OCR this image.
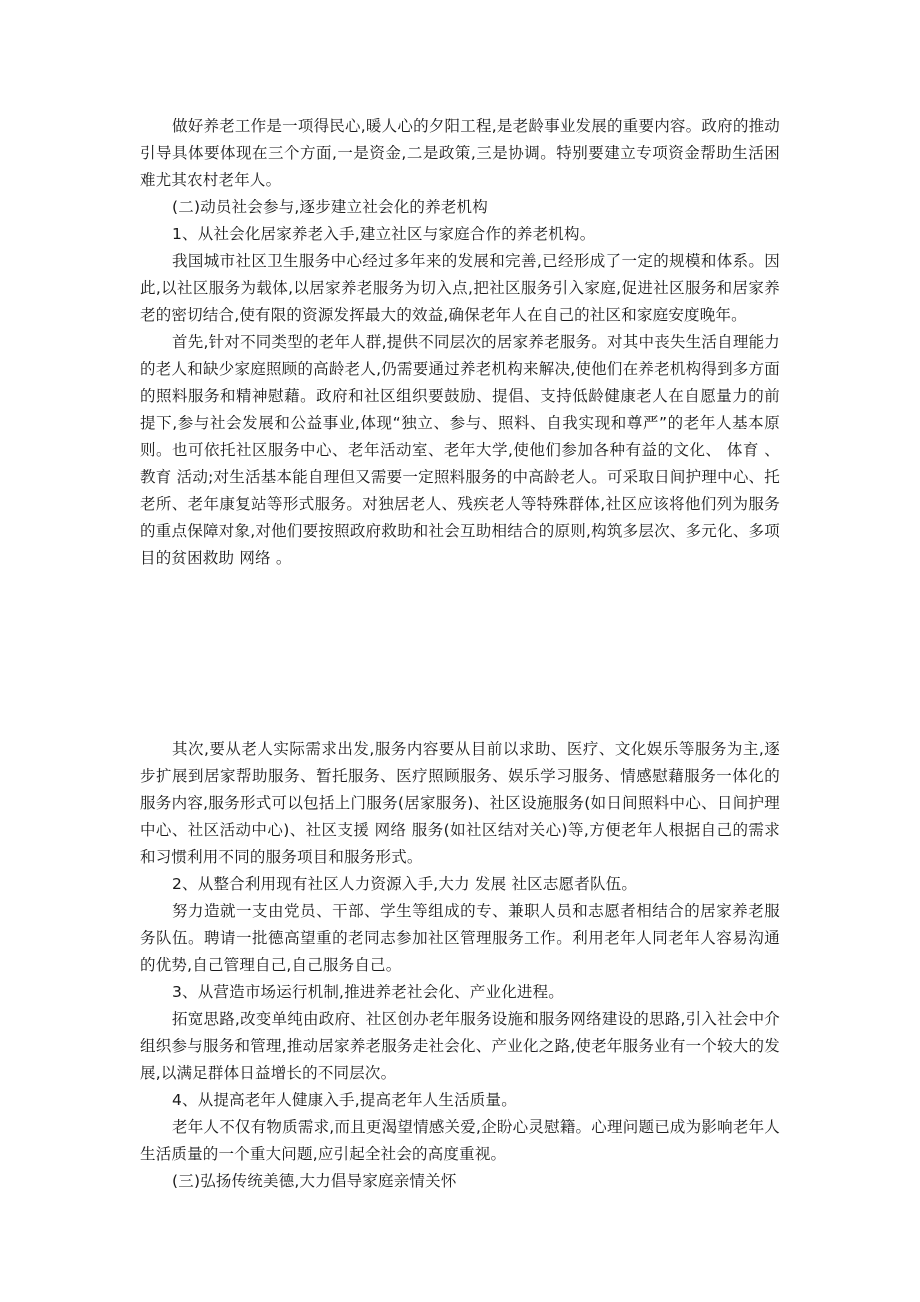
做好养老工作是一项得民心,暖人心的夕阳工程,是老龄事业发展的重要内容。政府的推动引导具体要体现在三个方面,一是资金,二是政策,三是协调。特别要建立专项资金帮助生活困难尤其农村老年人。

(二)动员社会参与,逐步建立社会化的养老机构

1、从社会化居家养老入手,建立社区与家庭合作的养老机构。

我国城市社区卫生服务中心经过多年来的发展和完善,已经形成了一定的规模和体系。因此,以社区服务为载体,以居家养老服务为切入点,把社区服务引入家庭,促进社区服务和居家养老的密切结合,使有限的资源发挥最大的效益,确保老年人在自己的社区和家庭安度晚年。

首先,针对不同类型的老年人群,提供不同层次的居家养老服务。对其中丧失生活自理能力的老人和缺少家庭照顾的高龄老人,仍需要通过养老机构来解决,使他们在养老机构得到多方面的照料服务和精神慰藉。政府和社区组织要鼓励、提倡、支持低龄健康老人在自愿量力的前提下,参与社会发展和公益事业,体现“独立、参与、照料、自我实现和尊严”的老年人基本原则。也可依托社区服务中心、老年活动室、老年大学,使他们参加各种有益的文化、 体育 、 教育 活动;对生活基本能自理但又需要一定照料服务的中高龄老人。可采取日间护理中心、托老所、老年康复站等形式服务。对独居老人、残疾老人等特殊群体,社区应该将他们列为服务的重点保障对象,对他们要按照政府救助和社会互助相结合的原则,构筑多层次、多元化、多项目的贫困救助 网络 。

其次,要从老人实际需求出发,服务内容要从目前以求助、医疗、文化娱乐等服务为主,逐步扩展到居家帮助服务、暂托服务、医疗照顾服务、娱乐学习服务、情感慰藉服务一体化的服务内容,服务形式可以包括上门服务(居家服务)、社区设施服务(如日间照料中心、日间护理中心、社区活动中心)、社区支援 网络 服务(如社区结对关心)等,方便老年人根据自己的需求和习惯利用不同的服务项目和服务形式。

2、从整合利用现有社区人力资源入手,大力 发展 社区志愿者队伍。

努力造就一支由党员、干部、学生等组成的专、兼职人员和志愿者相结合的居家养老服务队伍。聘请一批德高望重的老同志参加社区管理服务工作。利用老年人同老年人容易沟通的优势,自己管理自己,自己服务自己。

3、从营造市场运行机制,推进养老社会化、产业化进程。

拓宽思路,改变单纯由政府、社区创办老年服务设施和服务网络建设的思路,引入社会中介组织参与服务和管理,推动居家养老服务走社会化、产业化之路,使老年服务业有一个较大的发展,以满足群体日益增长的不同层次。

4、从提高老年人健康入手,提高老年人生活质量。

老年人不仅有物质需求,而且更渴望情感关爱,企盼心灵慰籍。心理问题已成为影响老年人生活质量的一个重大问题,应引起全社会的高度重视。

(三)弘扬传统美德,大力倡导家庭亲情关怀
